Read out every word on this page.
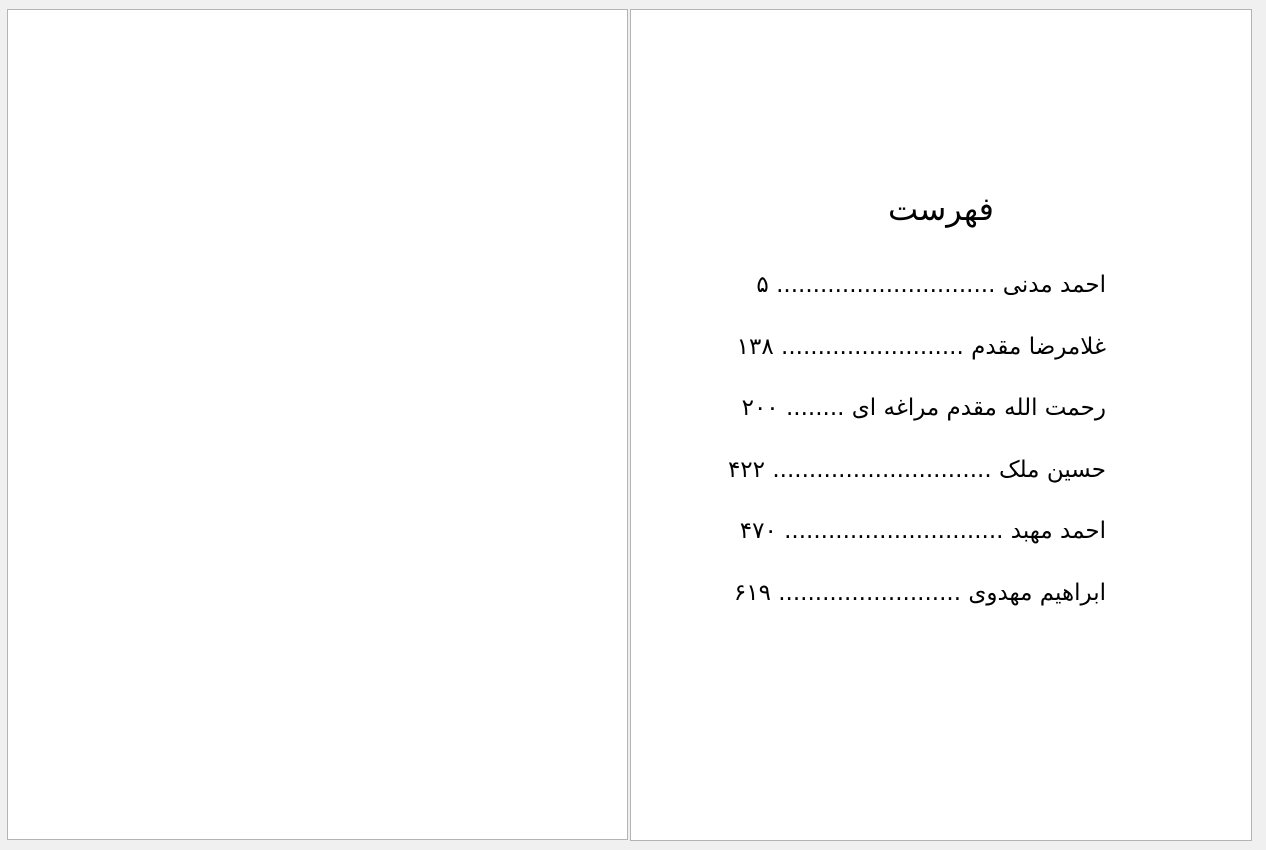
فهرست
احمد مدنی .............................. ۵
غلامرضا مقدم ......................... ۱۳۸
رحمت الله مقدم مراغه ای ........ ۲۰۰
حسین ملک .............................. ۴۲۲
احمد مهبد .............................. ۴۷۰
ابراهیم مهدوی ......................... ۶۱۹
